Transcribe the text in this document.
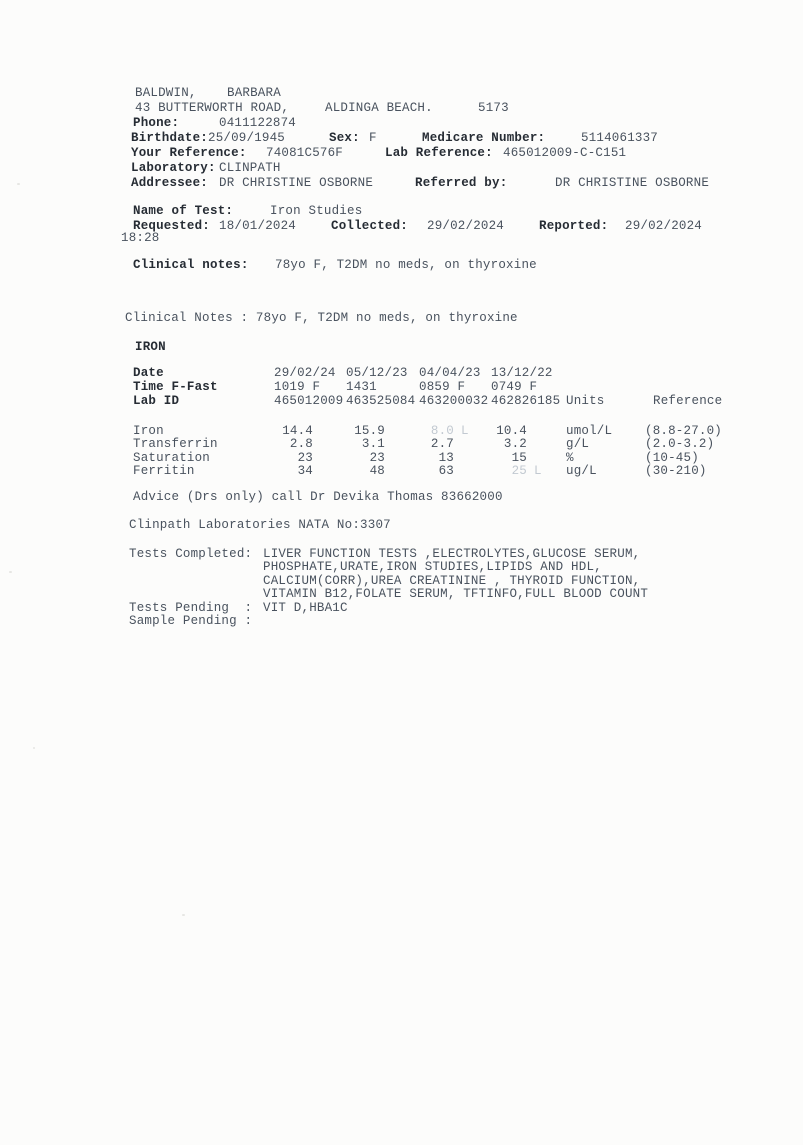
BALDWIN, BARBARA
43 BUTTERWORTH ROAD,	ALDINGA BEACH.	5173
Phone:	0411122874
Birthdate: 25/09/1945	Sex: F	Medicare Number:	5114061337
Your Reference: 74081C576F	Lab Reference: 465012009-C-C151
Laboratory: CLINPATH
Addressee: DR CHRISTINE OSBORNE	Referred by:	DR CHRISTINE OSBORNE
Name of Test:	Iron Studies
Requested: 18/01/2024	Collected: 29/02/2024	Reported: 29/02/2024
18:28
Clinical notes: 78yo F, T2DM no meds, on thyroxine
Clinical Notes : 78yo F, T2DM no meds, on thyroxine
IRON
Date	29/02/24 05/12/23 04/04/23 13/12/22
Time F-Fast	1019 F 1431	0859 F 0749 F
Lab ID	465012009 463525084 463200032 462826185 Units	Reference
Iron	14.4	15.9	8.0 L	10.4	umol/L	(8.8-27.0)
Transferrin	2.8	3.1	2.7	3.2	g/L	(2.0-3.2)
Saturation	23	23	13	15	%	(10-45)
Ferritin	34	48	63	25 L ug/L	(30-210)
Advice (Drs only) call Dr Devika Thomas 83662000
Clinpath Laboratories NATA No:3307
Tests Completed: LIVER FUNCTION TESTS ,ELECTROLYTES,GLUCOSE SERUM,
PHOSPHATE,URATE,IRON STUDIES,LIPIDS AND HDL,
CALCIUM(CORR),UREA CREATININE , THYROID FUNCTION,
VITAMIN B12,FOLATE SERUM, TFTINFO,FULL BLOOD COUNT
Tests Pending  : VIT D,HBA1C
Sample Pending :
